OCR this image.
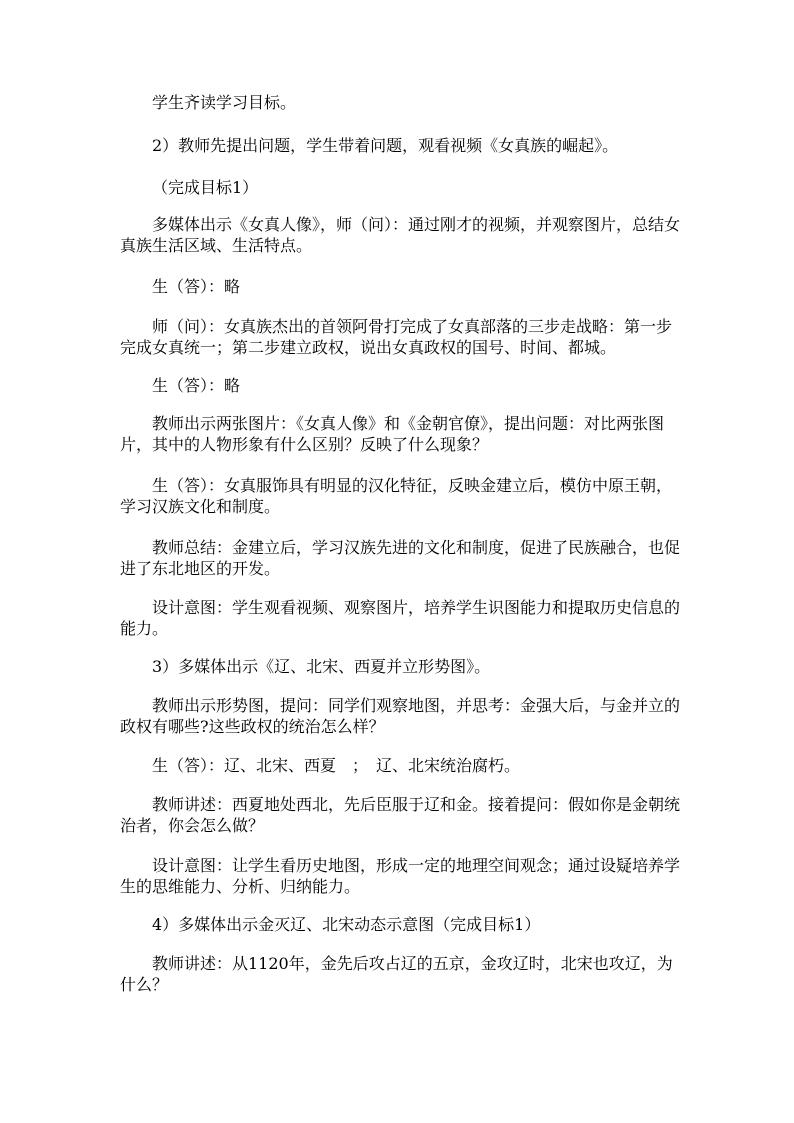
学生齐读学习目标。
2）教师先提出问题，学生带着问题，观看视频《女真族的崛起》。
（完成目标1）
多媒体出示《女真人像》，师（问）：通过刚才的视频，并观察图片，总结女真族生活区域、生活特点。
生（答）：略
师（问）：女真族杰出的首领阿骨打完成了女真部落的三步走战略：第一步完成女真统一；第二步建立政权，说出女真政权的国号、时间、都城。
生（答）：略
教师出示两张图片：《女真人像》和《金朝官僚》，提出问题：对比两张图片，其中的人物形象有什么区别？反映了什么现象？
生（答）：女真服饰具有明显的汉化特征，反映金建立后，模仿中原王朝，学习汉族文化和制度。
教师总结：金建立后，学习汉族先进的文化和制度，促进了民族融合，也促进了东北地区的开发。
设计意图：学生观看视频、观察图片，培养学生识图能力和提取历史信息的能力。
3）多媒体出示《辽、北宋、西夏并立形势图》。
教师出示形势图，提问：同学们观察地图，并思考：金强大后，与金并立的政权有哪些?这些政权的统治怎么样？
生（答）：辽、北宋、西夏　；　辽、北宋统治腐朽。
教师讲述：西夏地处西北，先后臣服于辽和金。接着提问：假如你是金朝统治者，你会怎么做？
设计意图：让学生看历史地图，形成一定的地理空间观念；通过设疑培养学生的思维能力、分析、归纳能力。
4）多媒体出示金灭辽、北宋动态示意图（完成目标1）
教师讲述：从1120年，金先后攻占辽的五京，金攻辽时，北宋也攻辽，为什么？
